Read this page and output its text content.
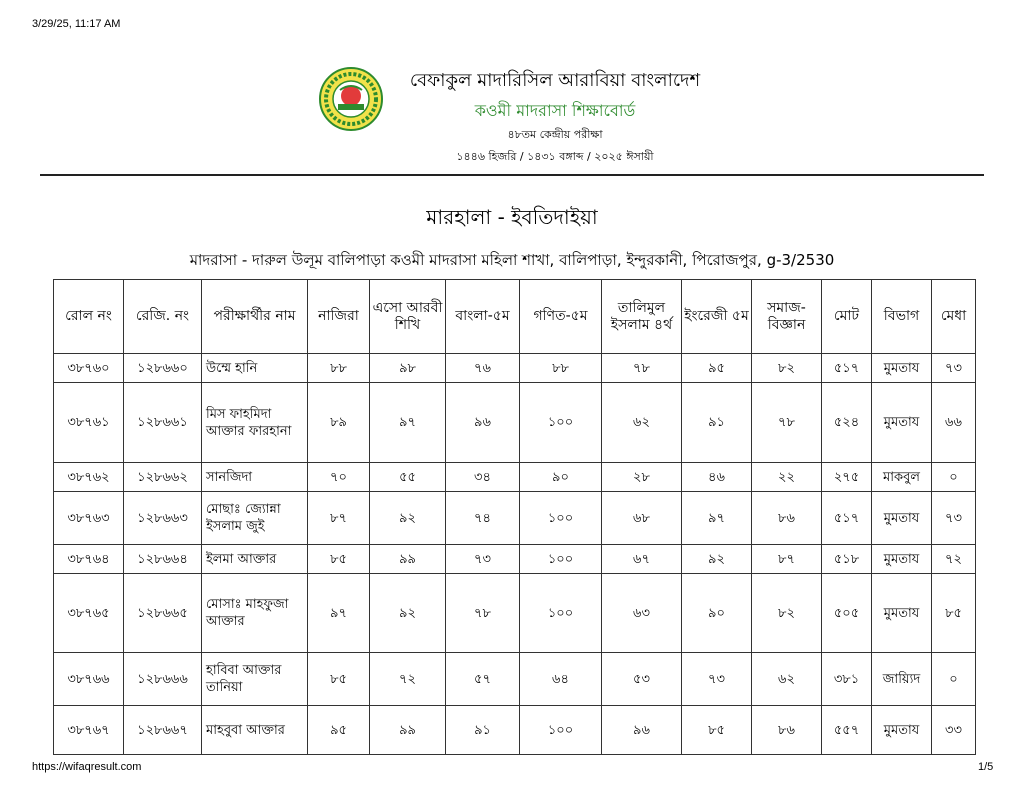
3/29/25, 11:17 AM
বেফাকুল মাদারিসিল আরাবিয়া বাংলাদেশ
কওমী মাদরাসা শিক্ষাবোর্ড
৪৮তম কেন্দ্রীয় পরীক্ষা
১৪৪৬ হিজরি / ১৪৩১ বঙ্গাব্দ / ২০২৫ ঈসায়ী
মারহালা - ইবতিদাইয়া
মাদরাসা - দারুল উলূম বালিপাড়া কওমী মাদরাসা মহিলা শাখা, বালিপাড়া, ইন্দুরকানী, পিরোজপুর, g-3/2530
রোল নং	রেজি. নং	পরীক্ষার্থীর নাম	নাজিরা	এসো আরবী শিখি	বাংলা-৫ম	গণিত-৫ম	তালিমুল ইসলাম ৪র্থ	ইংরেজী ৫ম	সমাজ-বিজ্ঞান	মোট	বিভাগ	মেধা
৩৮৭৬০	১২৮৬৬০	উম্মে হানি	৮৮	৯৮	৭৬	৮৮	৭৮	৯৫	৮২	৫১৭	মুমতায	৭৩
৩৮৭৬১	১২৮৬৬১	মিস ফাহমিদা আক্তার ফারহানা	৮৯	৯৭	৯৬	১০০	৬২	৯১	৭৮	৫২৪	মুমতায	৬৬
৩৮৭৬২	১২৮৬৬২	সানজিদা	৭০	৫৫	৩৪	৯০	২৮	৪৬	২২	২৭৫	মাকবুল	০
৩৮৭৬৩	১২৮৬৬৩	মোছাঃ জ্যোন্না ইসলাম জুই	৮৭	৯২	৭৪	১০০	৬৮	৯৭	৮৬	৫১৭	মুমতায	৭৩
৩৮৭৬৪	১২৮৬৬৪	ইলমা আক্তার	৮৫	৯৯	৭৩	১০০	৬৭	৯২	৮৭	৫১৮	মুমতায	৭২
৩৮৭৬৫	১২৮৬৬৫	মোসাঃ মাহফুজা আক্তার	৯৭	৯২	৭৮	১০০	৬৩	৯০	৮২	৫০৫	মুমতায	৮৫
৩৮৭৬৬	১২৮৬৬৬	হাবিবা আক্তার তানিয়া	৮৫	৭২	৫৭	৬৪	৫৩	৭৩	৬২	৩৮১	জায়্যিদ	০
৩৮৭৬৭	১২৮৬৬৭	মাহবুবা আক্তার	৯৫	৯৯	৯১	১০০	৯৬	৮৫	৮৬	৫৫৭	মুমতায	৩৩
https://wifaqresult.com	1/5
